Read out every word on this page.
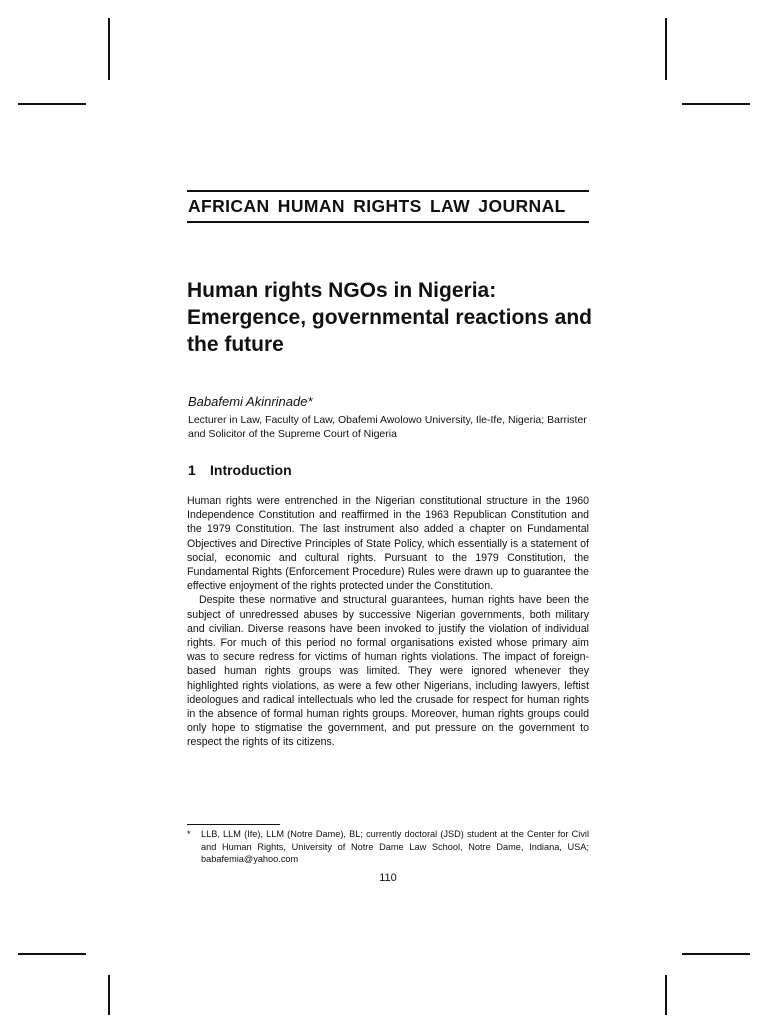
AFRICAN HUMAN RIGHTS LAW JOURNAL
Human rights NGOs in Nigeria: Emergence, governmental reactions and the future
Babafemi Akinrinade*
Lecturer in Law, Faculty of Law, Obafemi Awolowo University, Ile-Ife, Nigeria; Barrister and Solicitor of the Supreme Court of Nigeria
1 Introduction

Human rights were entrenched in the Nigerian constitutional structure in the 1960 Independence Constitution and reaffirmed in the 1963 Republican Constitution and the 1979 Constitution. The last instrument also added a chapter on Fundamental Objectives and Directive Principles of State Policy, which essentially is a statement of social, economic and cultural rights. Pursuant to the 1979 Constitution, the Fundamental Rights (Enforcement Procedure) Rules were drawn up to guarantee the effective enjoyment of the rights protected under the Constitution.

Despite these normative and structural guarantees, human rights have been the subject of unredressed abuses by successive Nigerian governments, both military and civilian. Diverse reasons have been invoked to justify the violation of individual rights. For much of this period no formal organisations existed whose primary aim was to secure redress for victims of human rights violations. The impact of foreign-based human rights groups was limited. They were ignored whenever they highlighted rights violations, as were a few other Nigerians, including lawyers, leftist ideologues and radical intellectuals who led the crusade for respect for human rights in the absence of formal human rights groups. Moreover, human rights groups could only hope to stigmatise the government, and put pressure on the government to respect the rights of its citizens.

*	LLB, LLM (Ife), LLM (Notre Dame), BL; currently doctoral (JSD) student at the Center for Civil and Human Rights, University of Notre Dame Law School, Notre Dame, Indiana, USA; babafemia@yahoo.com
110
